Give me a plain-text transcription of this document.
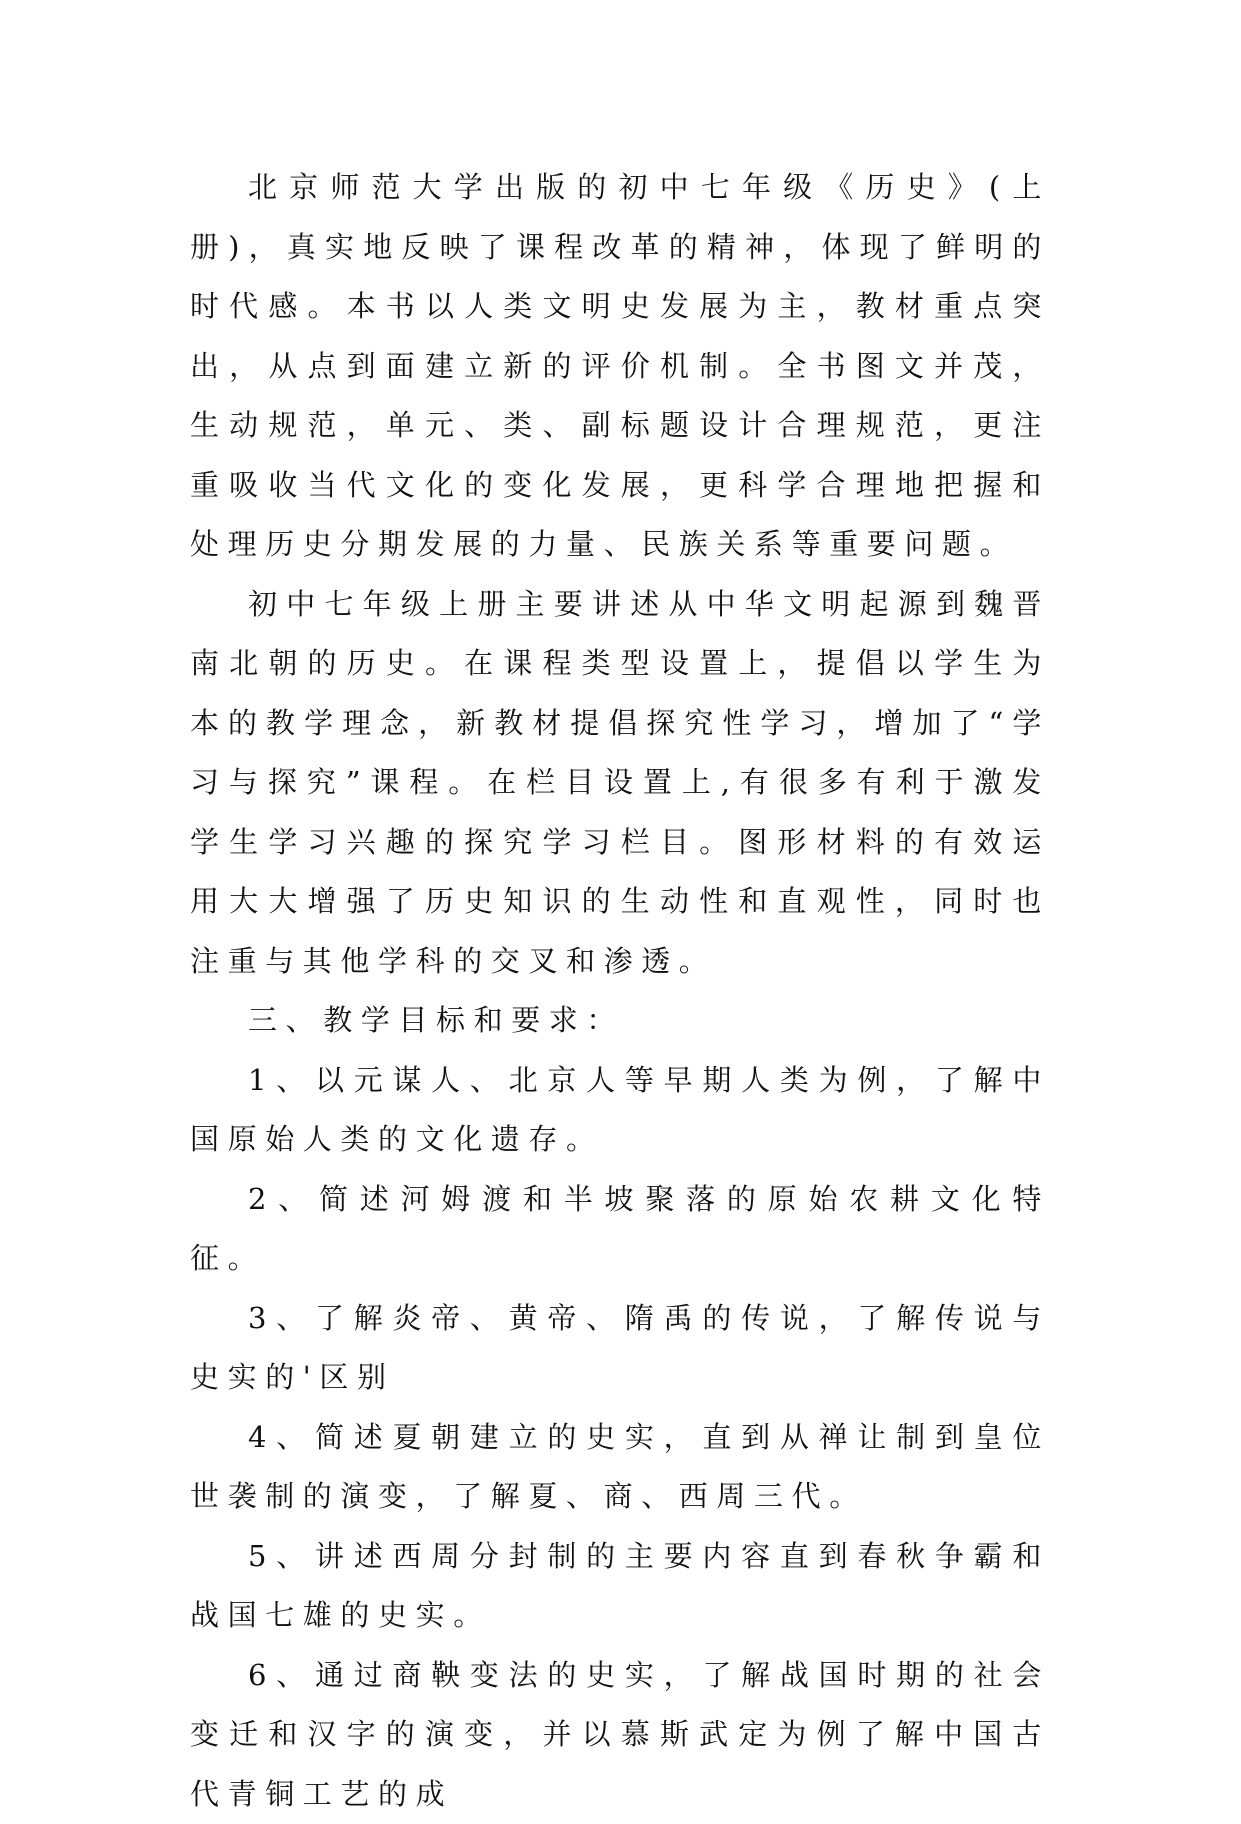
北京师范大学出版的初中七年级《历史》(上册)，真实地反映了课程改革的精神，体现了鲜明的时代感。本书以人类文明史发展为主，教材重点突出，从点到面建立新的评价机制。全书图文并茂，生动规范，单元、类、副标题设计合理规范，更注重吸收当代文化的变化发展，更科学合理地把握和处理历史分期发展的力量、民族关系等重要问题。

初中七年级上册主要讲述从中华文明起源到魏晋南北朝的历史。在课程类型设置上，提倡以学生为本的教学理念，新教材提倡探究性学习，增加了“学习与探究”课程。在栏目设置上,有很多有利于激发学生学习兴趣的探究学习栏目。图形材料的有效运用大大增强了历史知识的生动性和直观性，同时也注重与其他学科的交叉和渗透。

三、教学目标和要求：

1、以元谋人、北京人等早期人类为例，了解中国原始人类的文化遗存。

2、简述河姆渡和半坡聚落的原始农耕文化特征。

3、了解炎帝、黄帝、隋禹的传说，了解传说与史实的'区别

4、简述夏朝建立的史实，直到从禅让制到皇位世袭制的演变，了解夏、商、西周三代。

5、讲述西周分封制的主要内容直到春秋争霸和战国七雄的史实。

6、通过商鞅变法的史实，了解战国时期的社会变迁和汉字的演变，并以慕斯武定为例了解中国古代青铜工艺的成
